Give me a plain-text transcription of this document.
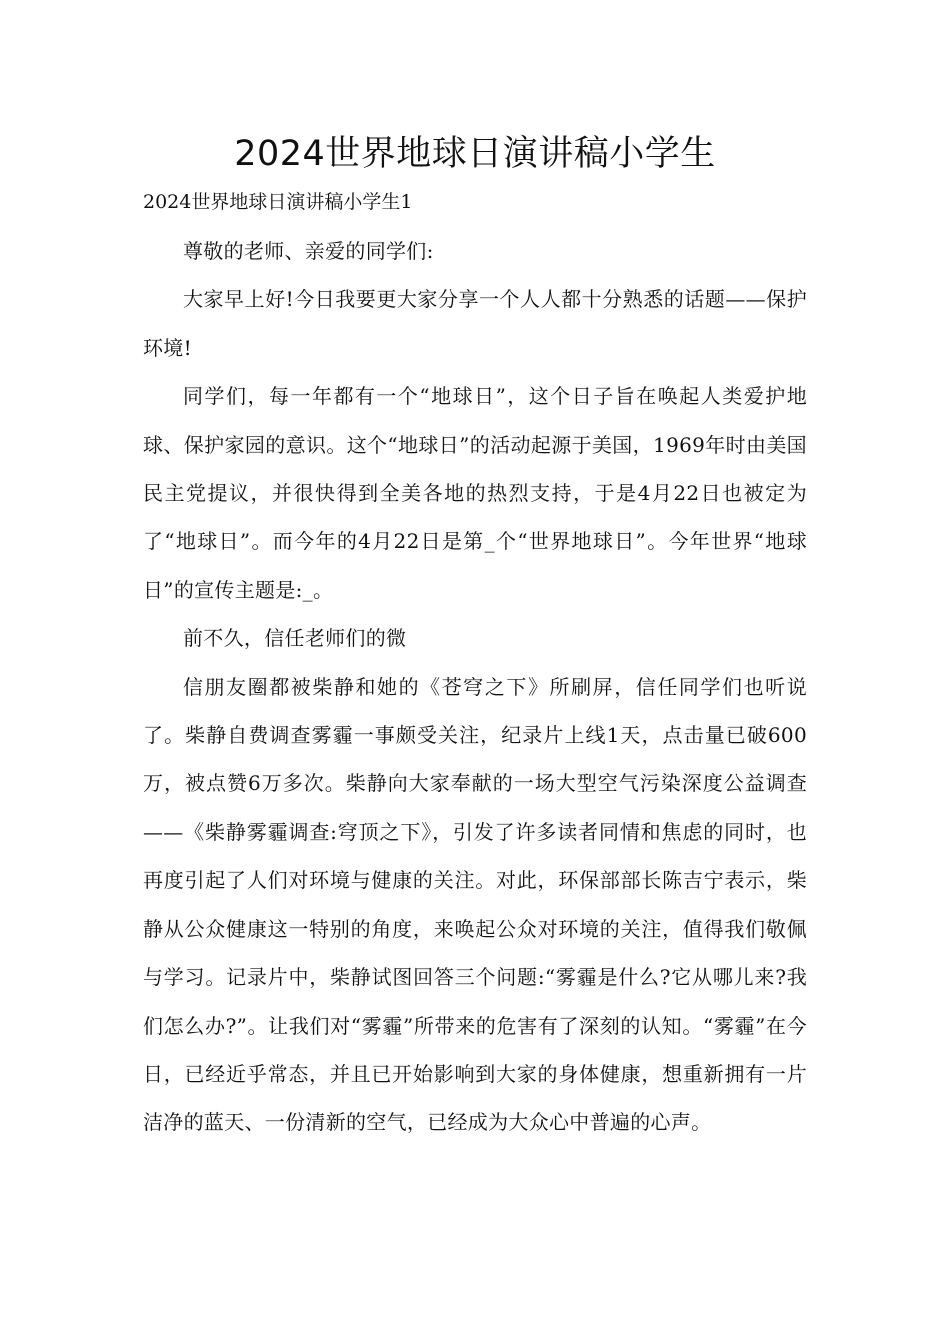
2024世界地球日演讲稿小学生
2024世界地球日演讲稿小学生1

尊敬的老师、亲爱的同学们:

大家早上好!今日我要更大家分享一个人人都十分熟悉的话题——保护环境!

同学们，每一年都有一个“地球日”，这个日子旨在唤起人类爱护地球、保护家园的意识。这个“地球日”的活动起源于美国，1969年时由美国民主党提议，并很快得到全美各地的热烈支持，于是4月22日也被定为了“地球日”。而今年的4月22日是第_个“世界地球日”。今年世界“地球日”的宣传主题是:_。

前不久，信任老师们的微

信朋友圈都被柴静和她的《苍穹之下》所刷屏，信任同学们也听说了。柴静自费调查雾霾一事颇受关注，纪录片上线1天，点击量已破600万，被点赞6万多次。柴静向大家奉献的一场大型空气污染深度公益调查——《柴静雾霾调查:穹顶之下》，引发了许多读者同情和焦虑的同时，也再度引起了人们对环境与健康的关注。对此，环保部部长陈吉宁表示，柴静从公众健康这一特别的角度，来唤起公众对环境的关注，值得我们敬佩与学习。记录片中，柴静试图回答三个问题:“雾霾是什么?它从哪儿来?我们怎么办?”。让我们对“雾霾”所带来的危害有了深刻的认知。“雾霾”在今日，已经近乎常态，并且已开始影响到大家的身体健康，想重新拥有一片洁净的蓝天、一份清新的空气，已经成为大众心中普遍的心声。
